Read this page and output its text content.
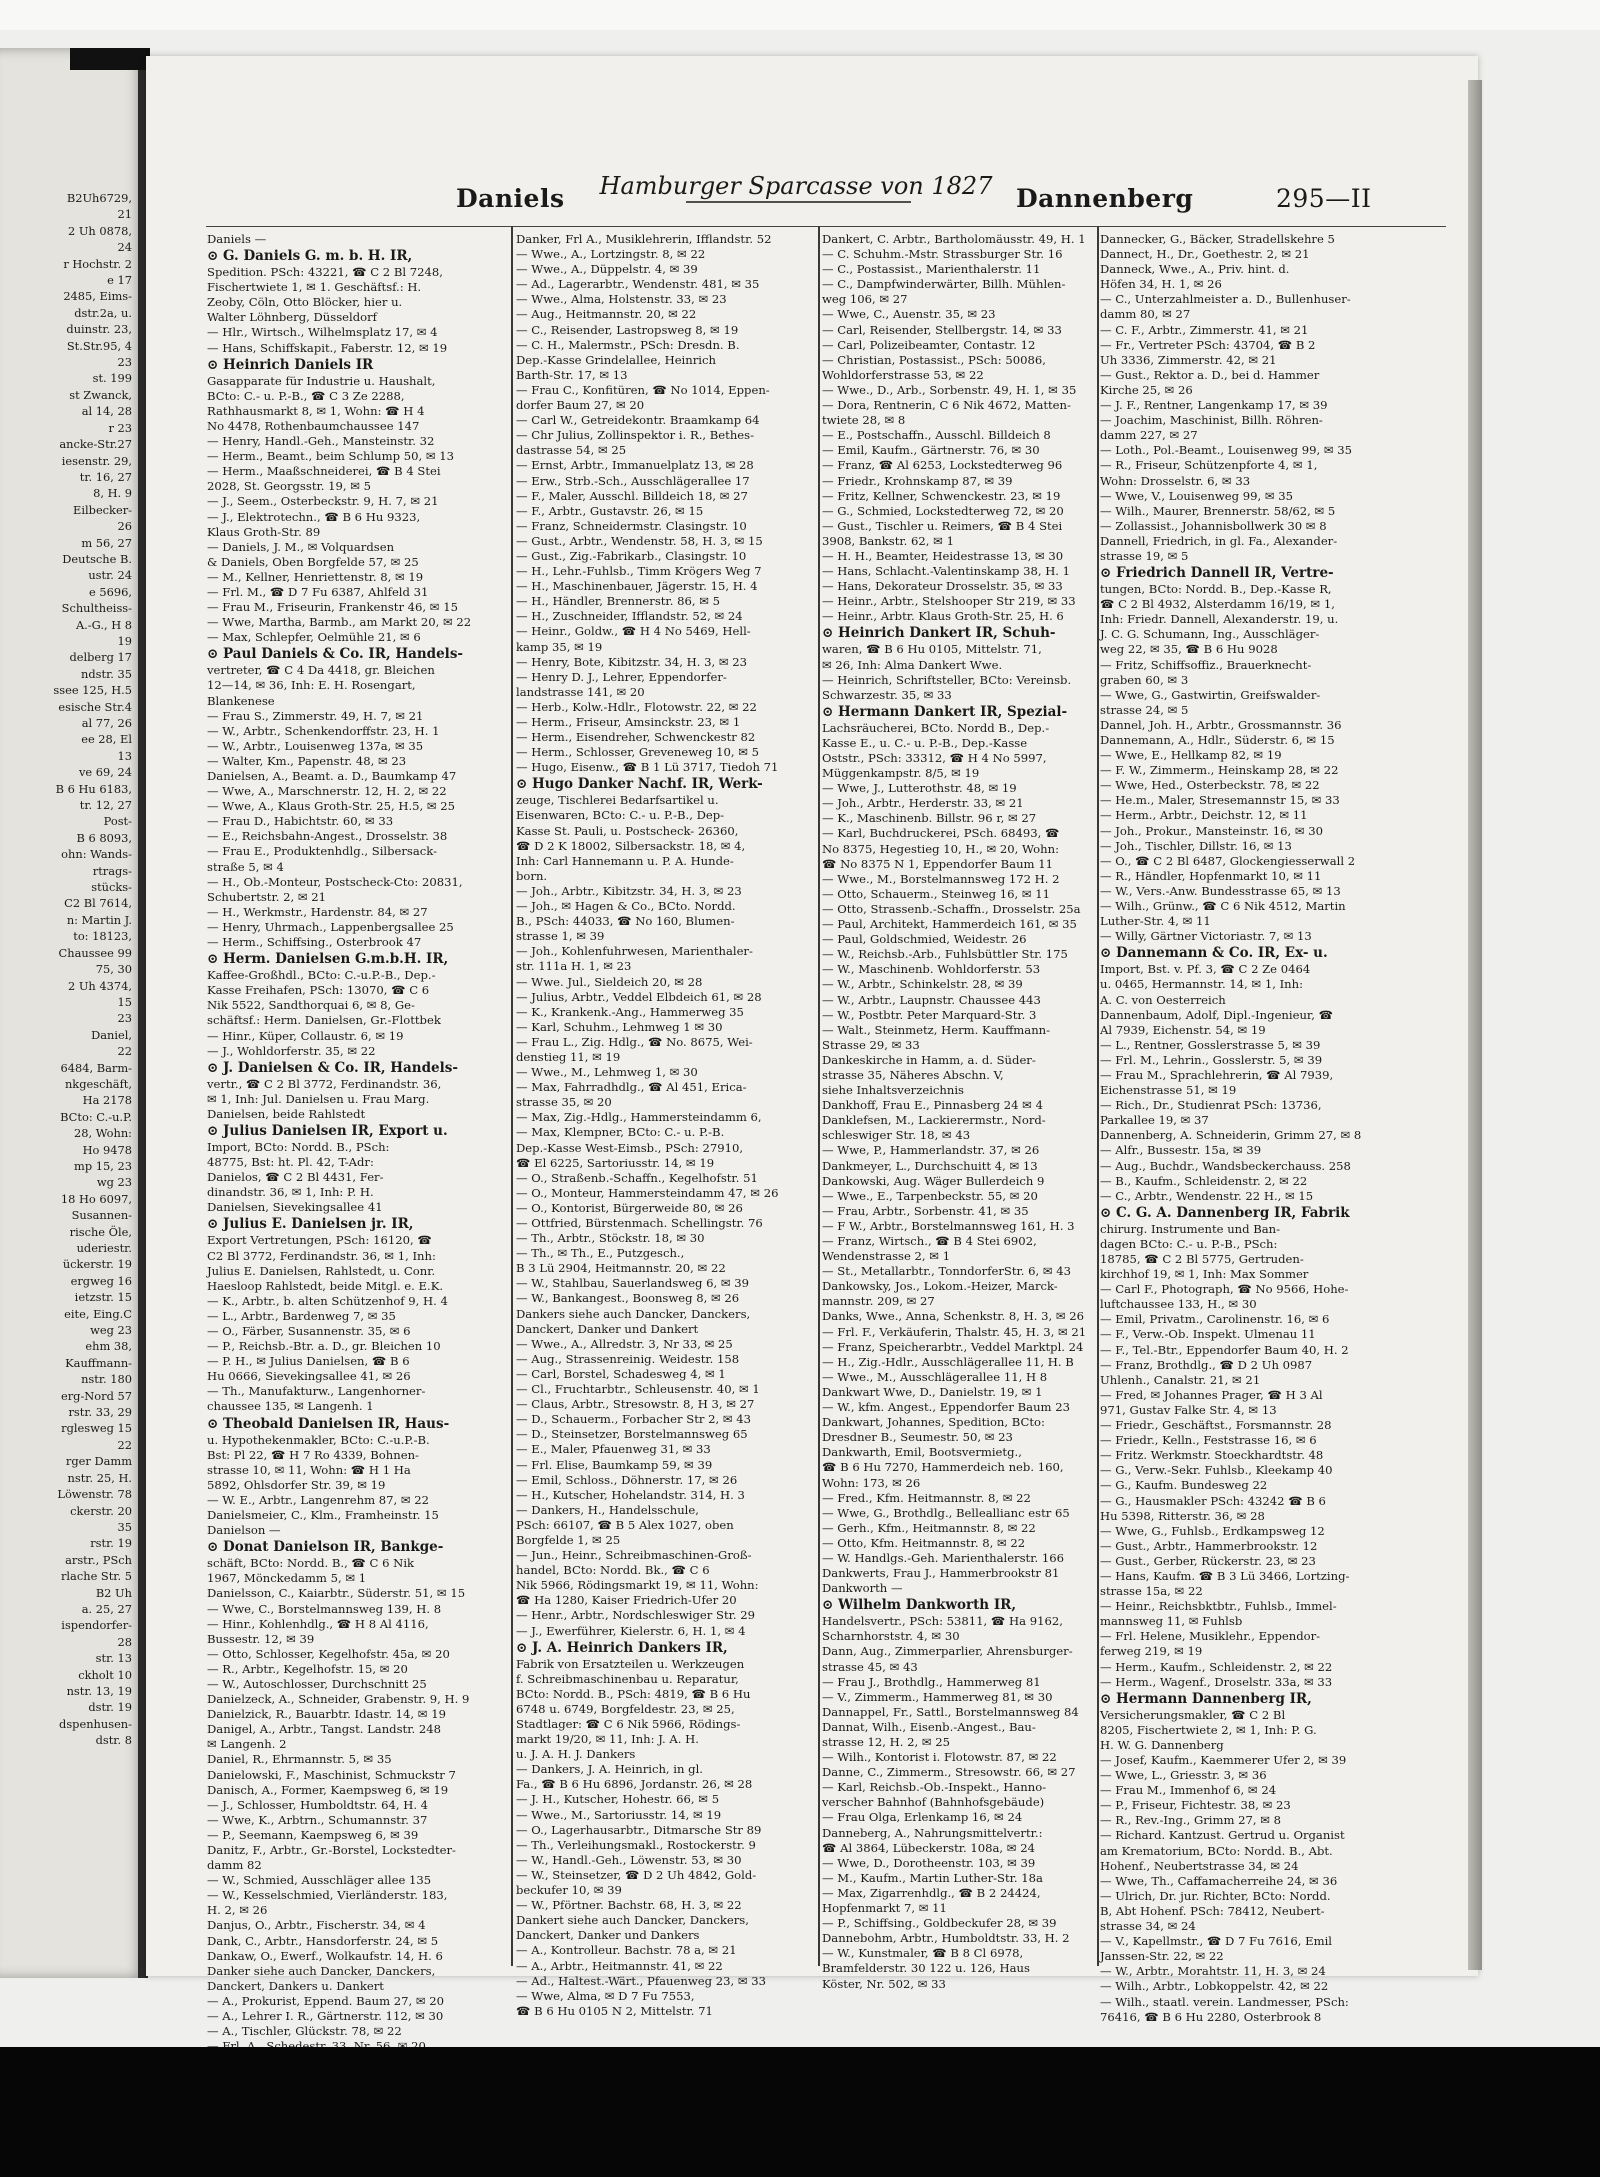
B2Uh6729,
21
2 Uh 0878,
24
r Hochstr. 2
e 17
2485, Eims-
dstr.2a, u.
duinstr. 23,
St.Str.95, 4
23
st. 199
st Zwanck,
al 14, 28
r 23
ancke-Str.27
iesenstr. 29,
tr. 16, 27
8, H. 9
Eilbecker-
26
m 56, 27
Deutsche B.
ustr. 24
e 5696,
Schultheiss-
A.-G., H 8
19
delberg 17
ndstr. 35
ssee 125, H.5
esische Str.4
al 77, 26
ee 28, El
13
ve 69, 24
B 6 Hu 6183,
tr. 12, 27
Post-
B 6 8093,
ohn: Wands-
rtrags-
stücks-
C2 Bl 7614,
n: Martin J.
to: 18123,
Chaussee 99
75, 30
2 Uh 4374,
15
23
Daniel,
22
6484, Barm-
nkgeschäft,
Ha 2178
BCto: C.-u.P.
28, Wohn:
Ho 9478
mp 15, 23
wg 23
18 Ho 6097,
Susannen-
rische Öle,
uderiestr.
ückerstr. 19
ergweg 16
ietzstr. 15
eite, Eing.C
weg 23
ehm 38,
Kauffmann-
nstr. 180
erg-Nord 57
rstr. 33, 29
rglesweg 15
22
rger Damm
nstr. 25, H.
Löwenstr. 78
ckerstr. 20
35
rstr. 19
arstr., PSch
rlache Str. 5
B2 Uh
a. 25, 27
ispendorfer-
28
str. 13
ckholt 10
nstr. 13, 19
dstr. 19
dspenhusen-
dstr. 8
Daniels Hamburger Sparcasse von 1827 Dannenberg	295—II
Daniels —
⊙ G. Daniels G. m. b. H. IR,
Spedition. PSch: 43221, ☎ C 2 Bl 7248,
Fischertwiete 1, ✉ 1. Geschäftsf.: H.
Zeoby, Cöln, Otto Blöcker, hier u.
Walter Löhnberg, Düsseldorf
— Hlr., Wirtsch., Wilhelmsplatz 17, ✉ 4
— Hans, Schiffskapit., Faberstr. 12, ✉ 19
⊙ Heinrich Daniels IR
Gasapparate für Industrie u. Haushalt,
BCto: C.- u. P.-B., ☎ C 3 Ze 2288,
Rathhausmarkt 8, ✉ 1, Wohn: ☎ H 4
No 4478, Rothenbaumchaussee 147
— Henry, Handl.-Geh., Mansteinstr. 32
— Herm., Beamt., beim Schlump 50, ✉ 13
— Herm., Maaßschneiderei, ☎ B 4 Stei
2028, St. Georgsstr. 19, ✉ 5
— J., Seem., Osterbeckstr. 9, H. 7, ✉ 21
— J., Elektrotechn., ☎ B 6 Hu 9323,
Klaus Groth-Str. 89
— Daniels, J. M., ✉ Volquardsen
& Daniels, Oben Borgfelde 57, ✉ 25
— M., Kellner, Henriettenstr. 8, ✉ 19
— Frl. M., ☎ D 7 Fu 6387, Ahlfeld 31
— Frau M., Friseurin, Frankenstr 46, ✉ 15
— Wwe, Martha, Barmb., am Markt 20, ✉ 22
— Max, Schlepfer, Oelmühle 21, ✉ 6
⊙ Paul Daniels & Co. IR, Handels-
vertreter, ☎ C 4 Da 4418, gr. Bleichen
12—14, ✉ 36, Inh: E. H. Rosengart,
Blankenese
— Frau S., Zimmerstr. 49, H. 7, ✉ 21
— W., Arbtr., Schenkendorffstr. 23, H. 1
— W., Arbtr., Louisenweg 137a, ✉ 35
— Walter, Km., Papenstr. 48, ✉ 23
Danielsen, A., Beamt. a. D., Baumkamp 47
— Wwe, A., Marschnerstr. 12, H. 2, ✉ 22
— Wwe, A., Klaus Groth-Str. 25, H.5, ✉ 25
— Frau D., Habichtstr. 60, ✉ 33
— E., Reichsbahn-Angest., Drosselstr. 38
— Frau E., Produktenhdlg., Silbersack-
straße 5, ✉ 4
— H., Ob.-Monteur, Postscheck-Cto: 20831,
Schubertstr. 2, ✉ 21
— H., Werkmstr., Hardenstr. 84, ✉ 27
— Henry, Uhrmach., Lappenbergsallee 25
— Herm., Schiffsing., Osterbrook 47
⊙ Herm. Danielsen G.m.b.H. IR,
Kaffee-Großhdl., BCto: C.-u.P.-B., Dep.-
Kasse Freihafen, PSch: 13070, ☎ C 6
Nik 5522, Sandthorquai 6, ✉ 8, Ge-
schäftsf.: Herm. Danielsen, Gr.-Flottbek
— Hinr., Küper, Collaustr. 6, ✉ 19
— J., Wohldorferstr. 35, ✉ 22
⊙ J. Danielsen & Co. IR, Handels-
vertr., ☎ C 2 Bl 3772, Ferdinandstr. 36,
✉ 1, Inh: Jul. Danielsen u. Frau Marg.
Danielsen, beide Rahlstedt
⊙ Julius Danielsen IR, Export u.
Import, BCto: Nordd. B., PSch:
48775, Bst: ht. Pl. 42, T-Adr:
Danielos, ☎ C 2 Bl 4431, Fer-
dinandstr. 36, ✉ 1, Inh: P. H.
Danielsen, Sievekingsallee 41
⊙ Julius E. Danielsen jr. IR,
Export Vertretungen, PSch: 16120, ☎
C2 Bl 3772, Ferdinandstr. 36, ✉ 1, Inh:
Julius E. Danielsen, Rahlstedt, u. Conr.
Haesloop Rahlstedt, beide Mitgl. e. E.K.
— K., Arbtr., b. alten Schützenhof 9, H. 4
— L., Arbtr., Bardenweg 7, ✉ 35
— O., Färber, Susannenstr. 35, ✉ 6
— P., Reichsb.-Btr. a. D., gr. Bleichen 10
— P. H., ✉ Julius Danielsen, ☎ B 6
Hu 0666, Sievekingsallee 41, ✉ 26
— Th., Manufakturw., Langenhorner-
chaussee 135, ✉ Langenh. 1
⊙ Theobald Danielsen IR, Haus-
u. Hypothekenmakler, BCto: C.-u.P.-B.
Bst: Pl 22, ☎ H 7 Ro 4339, Bohnen-
strasse 10, ✉ 11, Wohn: ☎ H 1 Ha
5892, Ohlsdorfer Str. 39, ✉ 19
— W. E., Arbtr., Langenrehm 87, ✉ 22
Danielsmeier, C., Klm., Framheinstr. 15
Danielson —
⊙ Donat Danielson IR, Bankge-
schäft, BCto: Nordd. B., ☎ C 6 Nik
1967, Mönckedamm 5, ✉ 1
Danielsson, C., Kaiarbtr., Süderstr. 51, ✉ 15
— Wwe, C., Borstelmannsweg 139, H. 8
— Hinr., Kohlenhdlg., ☎ H 8 Al 4116,
Bussestr. 12, ✉ 39
— Otto, Schlosser, Kegelhofstr. 45a, ✉ 20
— R., Arbtr., Kegelhofstr. 15, ✉ 20
— W., Autoschlosser, Durchschnitt 25
Danielzeck, A., Schneider, Grabenstr. 9, H. 9
Danielzick, R., Bauarbtr. Idastr. 14, ✉ 19
Danigel, A., Arbtr., Tangst. Landstr. 248
✉ Langenh. 2
Daniel, R., Ehrmannstr. 5, ✉ 35
Danielowski, F., Maschinist, Schmuckstr 7
Danisch, A., Former, Kaempsweg 6, ✉ 19
— J., Schlosser, Humboldtstr. 64, H. 4
— Wwe, K., Arbtrn., Schumannstr. 37
— P., Seemann, Kaempsweg 6, ✉ 39
Danitz, F., Arbtr., Gr.-Borstel, Lockstedter-
damm 82
— W., Schmied, Ausschläger allee 135
— W., Kesselschmied, Vierländerstr. 183,
H. 2, ✉ 26
Danjus, O., Arbtr., Fischerstr. 34, ✉ 4
Dank, C., Arbtr., Hansdorferstr. 24, ✉ 5
Dankaw, O., Ewerf., Wolkaufstr. 14, H. 6
Danker siehe auch Dancker, Danckers,
Danckert, Dankers u. Dankert
— A., Prokurist, Eppend. Baum 27, ✉ 20
— A., Lehrer I. R., Gärtnerstr. 112, ✉ 30
— A., Tischler, Glückstr. 78, ✉ 22
Danker, Frl A., Musiklehrerin, Ifflandstr. 52
— Wwe., A., Lortzingstr. 8, ✉ 22
— Wwe., A., Düppelstr. 4, ✉ 39
— Ad., Lagerarbtr., Wendenstr. 481, ✉ 35
— Wwe., Alma, Holstenstr. 33, ✉ 23
— Aug., Heitmannstr. 20, ✉ 22
— C., Reisender, Lastropsweg 8, ✉ 19
— C. H., Malermstr., PSch: Dresdn. B.
Dep.-Kasse Grindelallee, Heinrich
Barth-Str. 17, ✉ 13
— Frau C., Konfitüren, ☎ No 1014, Eppen-
dorfer Baum 27, ✉ 20
— Carl W., Getreidekontr. Braamkamp 64
— Chr Julius, Zollinspektor i. R., Bethes-
dastrasse 54, ✉ 25
— Ernst, Arbtr., Immanuelplatz 13, ✉ 28
— Erw., Strb.-Sch., Ausschlägerallee 17
— F., Maler, Ausschl. Billdeich 18, ✉ 27
— F., Arbtr., Gustavstr. 26, ✉ 15
— Franz, Schneidermstr. Clasingstr. 10
— Gust., Arbtr., Wendenstr. 58, H. 3, ✉ 15
— Gust., Zig.-Fabrikarb., Clasingstr. 10
— H., Lehr.-Fuhlsb., Timm Krögers Weg 7
— H., Maschinenbauer, Jägerstr. 15, H. 4
— H., Händler, Brennerstr. 86, ✉ 5
— H., Zuschneider, Ifflandstr. 52, ✉ 24
— Heinr., Goldw., ☎ H 4 No 5469, Hell-
kamp 35, ✉ 19
— Henry, Bote, Kibitzstr. 34, H. 3, ✉ 23
— Henry D. J., Lehrer, Eppendorfer-
landstrasse 141, ✉ 20
— Herb., Kolw.-Hdlr., Flotowstr. 22, ✉ 22
— Herm., Friseur, Amsinckstr. 23, ✉ 1
— Herm., Eisendreher, Schwenckestr 82
— Herm., Schlosser, Greveneweg 10, ✉ 5
— Hugo, Eisenw., ☎ B 1 Lü 3717, Tiedoh 71
⊙ Hugo Danker Nachf. IR, Werk-
zeuge, Tischlerei Bedarfsartikel u.
Eisenwaren, BCto: C.- u. P.-B., Dep-
Kasse St. Pauli, u. Postscheck- 26360,
☎ D 2 K 18002, Silbersackstr. 18, ✉ 4,
Inh: Carl Hannemann u. P. A. Hunde-
born.
— Joh., Arbtr., Kibitzstr. 34, H. 3, ✉ 23
— Joh., ✉ Hagen & Co., BCto. Nordd.
B., PSch: 44033, ☎ No 160, Blumen-
strasse 1, ✉ 39
— Joh., Kohlenfuhrwesen, Marienthaler-
str. 111a H. 1, ✉ 23
— Wwe. Jul., Sieldeich 20, ✉ 28
— Julius, Arbtr., Veddel Elbdeich 61, ✉ 28
— K., Krankenk.-Ang., Hammerweg 35
— Karl, Schuhm., Lehmweg 1 ✉ 30
— Frau L., Zig. Hdlg., ☎ No. 8675, Wei-
denstieg 11, ✉ 19
— Wwe., M., Lehmweg 1, ✉ 30
— Max, Fahrradhdlg., ☎ Al 451, Erica-
strasse 35, ✉ 20
— Max, Zig.-Hdlg., Hammersteindamm 6,
— Max, Klempner, BCto: C.- u. P.-B.
Dep.-Kasse West-Eimsb., PSch: 27910,
☎ El 6225, Sartoriusstr. 14, ✉ 19
— O., Straßenb.-Schaffn., Kegelhofstr. 51
— O., Monteur, Hammersteindamm 47, ✉ 26
— O., Kontorist, Bürgerweide 80, ✉ 26
— Ottfried, Bürstenmach. Schellingstr. 76
— Th., Arbtr., Stöckstr. 18, ✉ 30
— Th., ✉ Th., E., Putzgesch.,
B 3 Lü 2904, Heitmannstr. 20, ✉ 22
— W., Stahlbau, Sauerlandsweg 6, ✉ 39
— W., Bankangest., Boonsweg 8, ✉ 26
Dankers siehe auch Dancker, Danckers,
Danckert, Danker und Dankert
— Wwe., A., Allredstr. 3, Nr 33, ✉ 25
— Aug., Strassenreinig. Weidestr. 158
— Carl, Borstel, Schadesweg 4, ✉ 1
— Cl., Fruchtarbtr., Schleusenstr. 40, ✉ 1
— Claus, Arbtr., Stresowstr. 8, H 3, ✉ 27
— D., Schauerm., Forbacher Str 2, ✉ 43
— D., Steinsetzer, Borstelmannsweg 65
— E., Maler, Pfauenweg 31, ✉ 33
— Frl. Elise, Baumkamp 59, ✉ 39
— Emil, Schloss., Döhnerstr. 17, ✉ 26
— H., Kutscher, Hohelandstr. 314, H. 3
— Dankers, H., Handelsschule,
PSch: 66107, ☎ B 5 Alex 1027, oben
Borgfelde 1, ✉ 25
— Jun., Heinr., Schreibmaschinen-Groß-
handel, BCto: Nordd. Bk., ☎ C 6
Nik 5966, Rödingsmarkt 19, ✉ 11, Wohn:
☎ Ha 1280, Kaiser Friedrich-Ufer 20
— Henr., Arbtr., Nordschleswiger Str. 29
— J., Ewerführer, Kielerstr. 6, H. 1, ✉ 4
⊙ J. A. Heinrich Dankers IR,
Fabrik von Ersatzteilen u. Werkzeugen
f. Schreibmaschinenbau u. Reparatur,
BCto: Nordd. B., PSch: 4819, ☎ B 6 Hu
6748 u. 6749, Borgfeldestr. 23, ✉ 25,
Stadtlager: ☎ C 6 Nik 5966, Rödings-
markt 19/20, ✉ 11, Inh: J. A. H.
u. J. A. H. J. Dankers
— Dankers, J. A. Heinrich, in gl.
Fa., ☎ B 6 Hu 6896, Jordanstr. 26, ✉ 28
— J. H., Kutscher, Hohestr. 66, ✉ 5
— Wwe., M., Sartoriusstr. 14, ✉ 19
— O., Lagerhausarbtr., Ditmarsche Str 89
— Th., Verleihungsmakl., Rostockerstr. 9
— W., Handl.-Geh., Löwenstr. 53, ✉ 30
— W., Steinsetzer, ☎ D 2 Uh 4842, Gold-
beckufer 10, ✉ 39
— W., Pförtner. Bachstr. 68, H. 3, ✉ 22
Dankert siehe auch Dancker, Danckers,
Danckert, Danker und Dankers
— A., Kontrolleur. Bachstr. 78 a, ✉ 21
— A., Arbtr., Heitmannstr. 41, ✉ 22
— Ad., Haltest.-Wärt., Pfauenweg 23, ✉ 33
— Wwe, Alma, ✉ D 7 Fu 7553,
☎ B 6 Hu 0105 N 2, Mittelstr. 71
Dankert, C. Arbtr., Bartholomäusstr. 49, H. 1
— C. Schuhm.-Mstr. Strassburger Str. 16
— C., Postassist., Marienthalerstr. 11
— C., Dampfwinderwärter, Billh. Mühlen-
weg 106, ✉ 27
— Wwe, C., Auenstr. 35, ✉ 23
— Carl, Reisender, Stellbergstr. 14, ✉ 33
— Carl, Polizeibeamter, Contastr. 12
— Christian, Postassist., PSch: 50086,
Wohldorferstrasse 53, ✉ 22
— Wwe., D., Arb., Sorbenstr. 49, H. 1, ✉ 35
— Dora, Rentnerin, C 6 Nik 4672, Matten-
twiete 28, ✉ 8
— E., Postschaffn., Ausschl. Billdeich 8
— Emil, Kaufm., Gärtnerstr. 76, ✉ 30
— Franz, ☎ Al 6253, Lockstedterweg 96
— Friedr., Krohnskamp 87, ✉ 39
— Fritz, Kellner, Schwenckestr. 23, ✉ 19
— G., Schmied, Lockstedterweg 72, ✉ 20
— Gust., Tischler u. Reimers, ☎ B 4 Stei
3908, Bankstr. 62, ✉ 1
— H. H., Beamter, Heidestrasse 13, ✉ 30
— Hans, Schlacht.-Valentinskamp 38, H. 1
— Hans, Dekorateur Drosselstr. 35, ✉ 33
— Heinr., Arbtr., Stelshooper Str 219, ✉ 33
— Heinr., Arbtr. Klaus Groth-Str. 25, H. 6
⊙ Heinrich Dankert IR, Schuh-
waren, ☎ B 6 Hu 0105, Mittelstr. 71,
✉ 26, Inh: Alma Dankert Wwe.
— Heinrich, Schriftsteller, BCto: Vereinsb.
Schwarzestr. 35, ✉ 33
⊙ Hermann Dankert IR, Spezial-
Lachsräucherei, BCto. Nordd B., Dep.-
Kasse E., u. C.- u. P.-B., Dep.-Kasse
Oststr., PSch: 33312, ☎ H 4 No 5997,
Müggenkampstr. 8/5, ✉ 19
— Wwe, J., Lutterothstr. 48, ✉ 19
— Joh., Arbtr., Herderstr. 33, ✉ 21
— K., Maschinenb. Billstr. 96 r, ✉ 27
— Karl, Buchdruckerei, PSch. 68493, ☎
No 8375, Hegestieg 10, H., ✉ 20, Wohn:
☎ No 8375 N 1, Eppendorfer Baum 11
— Wwe., M., Borstelmannsweg 172 H. 2
— Otto, Schauerm., Steinweg 16, ✉ 11
— Otto, Strassenb.-Schaffn., Drosselstr. 25a
— Paul, Architekt, Hammerdeich 161, ✉ 35
— Paul, Goldschmied, Weidestr. 26
— W., Reichsb.-Arb., Fuhlsbüttler Str. 175
— W., Maschinenb. Wohldorferstr. 53
— W., Arbtr., Schinkelstr. 28, ✉ 39
— W., Arbtr., Laupnstr. Chaussee 443
— W., Postbtr. Peter Marquard-Str. 3
— Walt., Steinmetz, Herm. Kauffmann-
Strasse 29, ✉ 33
Dankeskirche in Hamm, a. d. Süder-
strasse 35, Näheres Abschn. V,
siehe Inhaltsverzeichnis
Dankhoff, Frau E., Pinnasberg 24 ✉ 4
Danklefsen, M., Lackierermstr., Nord-
schleswiger Str. 18, ✉ 43
— Wwe, P., Hammerlandstr. 37, ✉ 26
Dankmeyer, L., Durchschuitt 4, ✉ 13
Dankowski, Aug. Wäger Bullerdeich 9
— Wwe., E., Tarpenbeckstr. 55, ✉ 20
— Frau, Arbtr., Sorbenstr. 41, ✉ 35
— F W., Arbtr., Borstelmannsweg 161, H. 3
— Franz, Wirtsch., ☎ B 4 Stei 6902,
Wendenstrasse 2, ✉ 1
— St., Metallarbtr., TonndorferStr. 6, ✉ 43
Dankowsky, Jos., Lokom.-Heizer, Marck-
mannstr. 209, ✉ 27
Danks, Wwe., Anna, Schenkstr. 8, H. 3, ✉ 26
— Frl. F., Verkäuferin, Thalstr. 45, H. 3, ✉ 21
— Franz, Speicherarbtr., Veddel Marktpl. 24
— H., Zig.-Hdlr., Ausschlägerallee 11, H. B
— Wwe., M., Ausschlägerallee 11, H 8
Dankwart Wwe, D., Danielstr. 19, ✉ 1
— W., kfm. Angest., Eppendorfer Baum 23
Dankwart, Johannes, Spedition, BCto:
Dresdner B., Seumestr. 50, ✉ 23
Dankwarth, Emil, Bootsvermietg.,
☎ B 6 Hu 7270, Hammerdeich neb. 160,
Wohn: 173, ✉ 26
— Fred., Kfm. Heitmannstr. 8, ✉ 22
— Wwe, G., Brothdlg., Belleallianc estr 65
— Gerh., Kfm., Heitmannstr. 8, ✉ 22
— Otto, Kfm. Heitmannstr. 8, ✉ 22
— W. Handlgs.-Geh. Marienthalerstr. 166
Dankwerts, Frau J., Hammerbrookstr 81
Dankworth —
⊙ Wilhelm Dankworth IR,
Handelsvertr., PSch: 53811, ☎ Ha 9162,
Scharnhorststr. 4, ✉ 30
Dann, Aug., Zimmerparlier, Ahrensburger-
strasse 45, ✉ 43
— Frau J., Brothdlg., Hammerweg 81
— V., Zimmerm., Hammerweg 81, ✉ 30
Dannappel, Fr., Sattl., Borstelmannsweg 84
Dannat, Wilh., Eisenb.-Angest., Bau-
strasse 12, H. 2, ✉ 25
— Wilh., Kontorist i. Flotowstr. 87, ✉ 22
Danne, C., Zimmerm., Stresowstr. 66, ✉ 27
— Karl, Reichsb.-Ob.-Inspekt., Hanno-
verscher Bahnhof (Bahnhofsgebäude)
— Frau Olga, Erlenkamp 16, ✉ 24
Danneberg, A., Nahrungsmittelvertr.:
☎ Al 3864, Lübeckerstr. 108a, ✉ 24
— Wwe, D., Dorotheenstr. 103, ✉ 39
— M., Kaufm., Martin Luther-Str. 18a
— Max, Zigarrenhdlg., ☎ B 2 24424,
Hopfenmarkt 7, ✉ 11
— P., Schiffsing., Goldbeckufer 28, ✉ 39
Dannebohm, Arbtr., Humboldtstr. 33, H. 2
— W., Kunstmaler, ☎ B 8 Cl 6978,
Bramfelderstr. 30 122 u. 126, Haus
Köster, Nr. 502, ✉ 33
Dannecker, G., Bäcker, Stradellskehre 5
Dannect, H., Dr., Goethestr. 2, ✉ 21
Danneck, Wwe., A., Priv. hint. d.
Höfen 34, H. 1, ✉ 26
— C., Unterzahlmeister a. D., Bullenhuser-
damm 80, ✉ 27
— C. F., Arbtr., Zimmerstr. 41, ✉ 21
— Fr., Vertreter PSch: 43704, ☎ B 2
Uh 3336, Zimmerstr. 42, ✉ 21
— Gust., Rektor a. D., bei d. Hammer
Kirche 25, ✉ 26
— J. F., Rentner, Langenkamp 17, ✉ 39
— Joachim, Maschinist, Billh. Röhren-
damm 227, ✉ 27
— Loth., Pol.-Beamt., Louisenweg 99, ✉ 35
— R., Friseur, Schützenpforte 4, ✉ 1,
Wohn: Drosselstr. 6, ✉ 33
— Wwe, V., Louisenweg 99, ✉ 35
— Wilh., Maurer, Brennerstr. 58/62, ✉ 5
— Zollassist., Johannisbollwerk 30 ✉ 8
Dannell, Friedrich, in gl. Fa., Alexander-
strasse 19, ✉ 5
⊙ Friedrich Dannell IR, Vertre-
tungen, BCto: Nordd. B., Dep.-Kasse R,
☎ C 2 Bl 4932, Alsterdamm 16/19, ✉ 1,
Inh: Friedr. Dannell, Alexanderstr. 19, u.
J. C. G. Schumann, Ing., Ausschläger-
weg 22, ✉ 35, ☎ B 6 Hu 9028
— Fritz, Schiffsoffiz., Brauerknecht-
graben 60, ✉ 3
— Wwe, G., Gastwirtin, Greifswalder-
strasse 24, ✉ 5
Dannel, Joh. H., Arbtr., Grossmannstr. 36
Dannemann, A., Hdlr., Süderstr. 6, ✉ 15
— Wwe, E., Hellkamp 82, ✉ 19
— F. W., Zimmerm., Heinskamp 28, ✉ 22
— Wwe, Hed., Osterbeckstr. 78, ✉ 22
— He.m., Maler, Stresemannstr 15, ✉ 33
— Herm., Arbtr., Deichstr. 12, ✉ 11
— Joh., Prokur., Mansteinstr. 16, ✉ 30
— Joh., Tischler, Dillstr. 16, ✉ 13
— O., ☎ C 2 Bl 6487, Glockengiesserwall 2
— R., Händler, Hopfenmarkt 10, ✉ 11
— W., Vers.-Anw. Bundesstrasse 65, ✉ 13
— Wilh., Grünw., ☎ C 6 Nik 4512, Martin
Luther-Str. 4, ✉ 11
— Willy, Gärtner Victoriastr. 7, ✉ 13
⊙ Dannemann & Co. IR, Ex- u.
Import, Bst. v. Pf. 3, ☎ C 2 Ze 0464
u. 0465, Hermannstr. 14, ✉ 1, Inh:
A. C. von Oesterreich
Dannenbaum, Adolf, Dipl.-Ingenieur, ☎
Al 7939, Eichenstr. 54, ✉ 19
— L., Rentner, Gosslerstrasse 5, ✉ 39
— Frl. M., Lehrin., Gosslerstr. 5, ✉ 39
— Frau M., Sprachlehrerin, ☎ Al 7939,
Eichenstrasse 51, ✉ 19
— Rich., Dr., Studienrat PSch: 13736,
Parkallee 19, ✉ 37
Dannenberg, A. Schneiderin, Grimm 27, ✉ 8
— Alfr., Bussestr. 15a, ✉ 39
— Aug., Buchdr., Wandsbeckerchauss. 258
— B., Kaufm., Schleidenstr. 2, ✉ 22
— C., Arbtr., Wendenstr. 22 H., ✉ 15
⊙ C. G. A. Dannenberg IR, Fabrik
chirurg. Instrumente und Ban-
dagen BCto: C.- u. P.-B., PSch:
18785, ☎ C 2 Bl 5775, Gertruden-
kirchhof 19, ✉ 1, Inh: Max Sommer
— Carl F., Photograph, ☎ No 9566, Hohe-
luftchaussee 133, H., ✉ 30
— Emil, Privatm., Carolinenstr. 16, ✉ 6
— F., Verw.-Ob. Inspekt. Ulmenau 11
— F., Tel.-Btr., Eppendorfer Baum 40, H. 2
— Franz, Brothdlg., ☎ D 2 Uh 0987
Uhlenh., Canalstr. 21, ✉ 21
— Fred, ✉ Johannes Prager, ☎ H 3 Al
971, Gustav Falke Str. 4, ✉ 13
— Friedr., Geschäftst., Forsmannstr. 28
— Friedr., Kelln., Feststrasse 16, ✉ 6
— Fritz. Werkmstr. Stoeckhardtstr. 48
— G., Verw.-Sekr. Fuhlsb., Kleekamp 40
— G., Kaufm. Bundesweg 22
— G., Hausmakler PSch: 43242 ☎ B 6
Hu 5398, Ritterstr. 36, ✉ 28
— Wwe, G., Fuhlsb., Erdkampsweg 12
— Gust., Arbtr., Hammerbrookstr. 12
— Gust., Gerber, Rückerstr. 23, ✉ 23
— Hans, Kaufm. ☎ B 3 Lü 3466, Lortzing-
strasse 15a, ✉ 22
— Heinr., Reichsbktbtr., Fuhlsb., Immel-
mannsweg 11, ✉ Fuhlsb
— Frl. Helene, Musiklehr., Eppendor-
ferweg 219, ✉ 19
— Herm., Kaufm., Schleidenstr. 2, ✉ 22
— Herm., Wagenf., Droselstr. 33a, ✉ 33
⊙ Hermann Dannenberg IR,
Versicherungsmakler, ☎ C 2 Bl
8205, Fischertwiete 2, ✉ 1, Inh: P. G.
H. W. G. Dannenberg
— Josef, Kaufm., Kaemmerer Ufer 2, ✉ 39
— Wwe, L., Griesstr. 3, ✉ 36
— Frau M., Immenhof 6, ✉ 24
— P., Friseur, Fichtestr. 38, ✉ 23
— R., Rev.-Ing., Grimm 27, ✉ 8
— Richard. Kantzust. Gertrud u. Organist
am Krematorium, BCto: Nordd. B., Abt.
Hohenf., Neubertstrasse 34, ✉ 24
— Wwe, Th., Caffamacherreihe 24, ✉ 36
— Ulrich, Dr. jur. Richter, BCto: Nordd.
B, Abt Hohenf. PSch: 78412, Neubert-
strasse 34, ✉ 24
— V., Kapellmstr., ☎ D 7 Fu 7616, Emil
Janssen-Str. 22, ✉ 22
— W., Arbtr., Morahtstr. 11, H. 3, ✉ 24
— Wilh., Arbtr., Lobkoppelstr. 42, ✉ 22
— Wilh., staatl. verein. Landmesser, PSch:
76416, ☎ B 6 Hu 2280, Osterbrook 8
